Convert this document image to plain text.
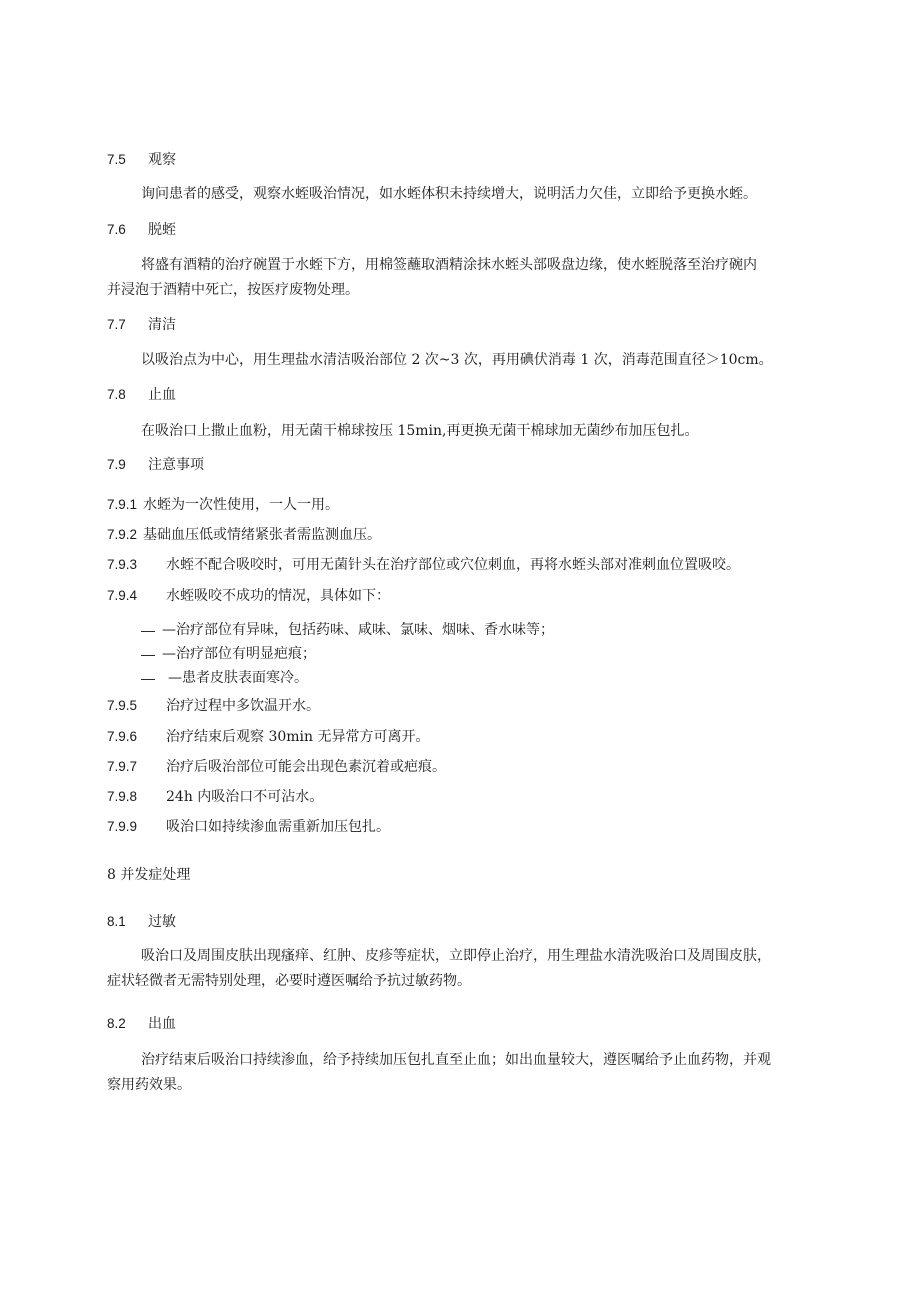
7.5 观察
询问患者的感受，观察水蛭吸治情况，如水蛭体积未持续增大，说明活力欠佳，立即给予更换水蛭。
7.6 脱蛭
将盛有酒精的治疗碗置于水蛭下方，用棉签蘸取酒精涂抹水蛭头部吸盘边缘，使水蛭脱落至治疗碗内
并浸泡于酒精中死亡，按医疗废物处理。
7.7 清洁
以吸治点为中心，用生理盐水清洁吸治部位 2 次~3 次，再用碘伏消毒 1 次，消毒范围直径＞10cm。
7.8 止血
在吸治口上撒止血粉，用无菌干棉球按压 15min,再更换无菌干棉球加无菌纱布加压包扎。
7.9 注意事项
7.9.1 水蛭为一次性使用，一人一用。
7.9.2 基础血压低或情绪紧张者需监测血压。
7.9.3 水蛭不配合吸咬时，可用无菌针头在治疗部位或穴位刺血，再将水蛭头部对准刺血位置吸咬。
7.9.4 水蛭吸咬不成功的情况，具体如下：
— —治疗部位有异味，包括药味、咸味、氯味、烟味、香水味等；
— —治疗部位有明显疤痕；
— —患者皮肤表面寒冷。
7.9.5 治疗过程中多饮温开水。
7.9.6 治疗结束后观察 30min 无异常方可离开。
7.9.7 治疗后吸治部位可能会出现色素沉着或疤痕。
7.9.8 24h 内吸治口不可沾水。
7.9.9 吸治口如持续渗血需重新加压包扎。
8 并发症处理
8.1 过敏
吸治口及周围皮肤出现瘙痒、红肿、皮疹等症状，立即停止治疗，用生理盐水清洗吸治口及周围皮肤，
症状轻微者无需特别处理，必要时遵医嘱给予抗过敏药物。
8.2 出血
治疗结束后吸治口持续渗血，给予持续加压包扎直至止血；如出血量较大，遵医嘱给予止血药物，并观
察用药效果。
